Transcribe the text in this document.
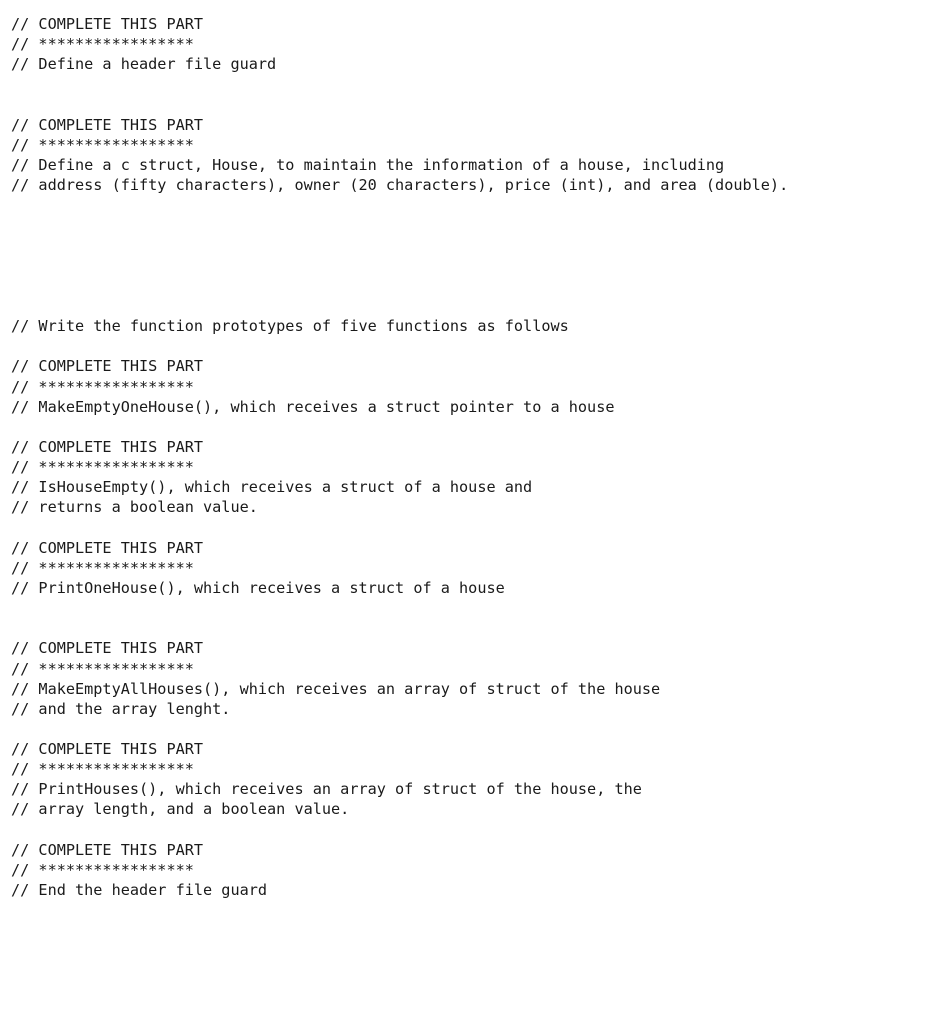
// COMPLETE THIS PART
// *****************
// Define a header file guard
// COMPLETE THIS PART
// *****************
// Define a c struct, House, to maintain the information of a house, including
// address (fifty characters), owner (20 characters), price (int), and area (double).
// Write the function prototypes of five functions as follows
// COMPLETE THIS PART
// *****************
// MakeEmptyOneHouse(), which receives a struct pointer to a house
// COMPLETE THIS PART
// *****************
// IsHouseEmpty(), which receives a struct of a house and
// returns a boolean value.
// COMPLETE THIS PART
// *****************
// PrintOneHouse(), which receives a struct of a house
// COMPLETE THIS PART
// *****************
// MakeEmptyAllHouses(), which receives an array of struct of the house
// and the array lenght.
// COMPLETE THIS PART
// *****************
// PrintHouses(), which receives an array of struct of the house, the
// array length, and a boolean value.
// COMPLETE THIS PART
// *****************
// End the header file guard
